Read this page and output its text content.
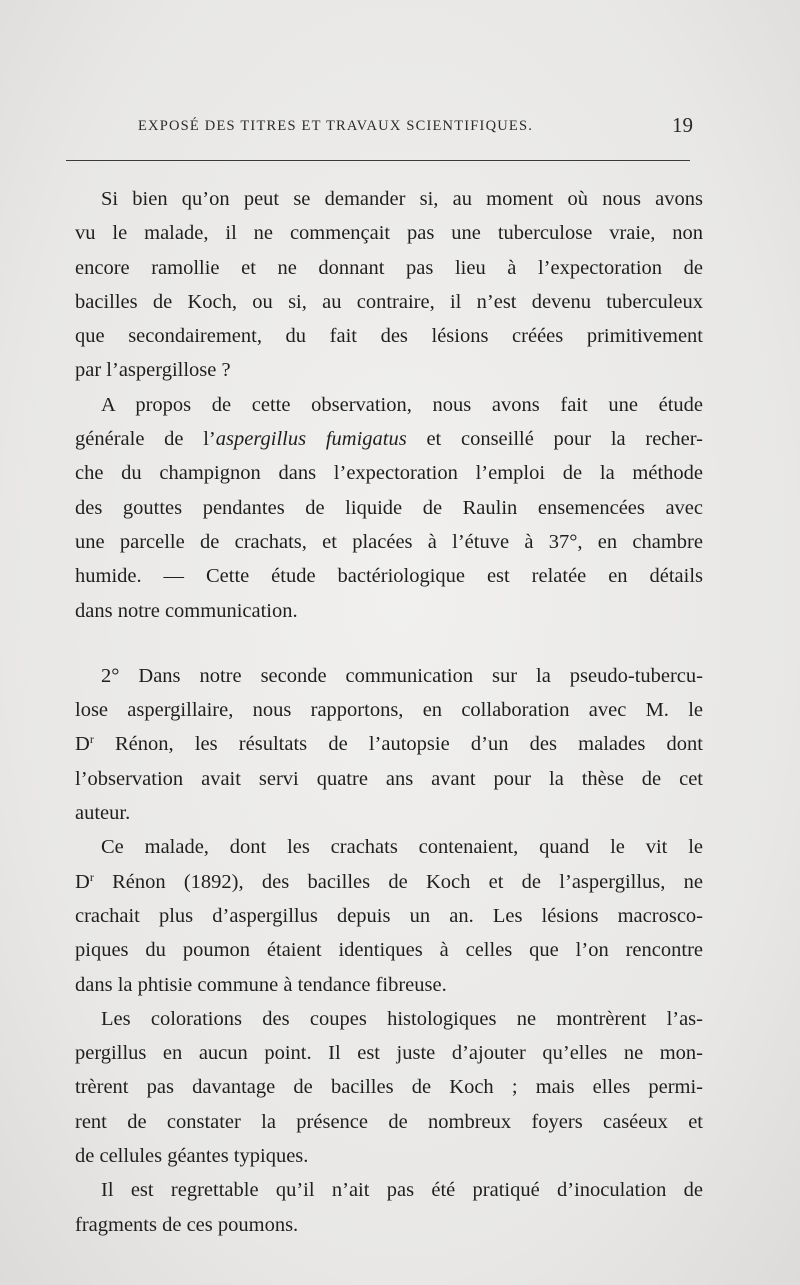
EXPOSÉ DES TITRES ET TRAVAUX SCIENTIFIQUES.	19
Si bien qu’on peut se demander si, au moment où nous avons
vu le malade, il ne commençait pas une tuberculose vraie, non
encore ramollie et ne donnant pas lieu à l’expectoration de
bacilles de Koch, ou si, au contraire, il n’est devenu tuberculeux
que secondairement, du fait des lésions créées primitivement
par l’aspergillose ?
A propos de cette observation, nous avons fait une étude
générale de l’aspergillus fumigatus et conseillé pour la recher-
che du champignon dans l’expectoration l’emploi de la méthode
des gouttes pendantes de liquide de Raulin ensemencées avec
une parcelle de crachats, et placées à l’étuve à 37°, en chambre
humide. — Cette étude bactériologique est relatée en détails
dans notre communication.
2° Dans notre seconde communication sur la pseudo-tubercu-
lose aspergillaire, nous rapportons, en collaboration avec M. le
$D^r$ Rénon, les résultats de l’autopsie d’un des malades dont
l’observation avait servi quatre ans avant pour la thèse de cet
auteur.
Ce malade, dont les crachats contenaient, quand le vit le
$D^r$ Rénon (1892), des bacilles de Koch et de l’aspergillus, ne
crachait plus d’aspergillus depuis un an. Les lésions macrosco-
piques du poumon étaient identiques à celles que l’on rencontre
dans la phtisie commune à tendance fibreuse.
Les colorations des coupes histologiques ne montrèrent l’as-
pergillus en aucun point. Il est juste d’ajouter qu’elles ne mon-
trèrent pas davantage de bacilles de Koch ; mais elles permi-
rent de constater la présence de nombreux foyers caséeux et
de cellules géantes typiques.
Il est regrettable qu’il n’ait pas été pratiqué d’inoculation de
fragments de ces poumons.
